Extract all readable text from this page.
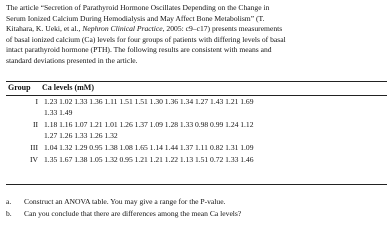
The article “Secretion of Parathyroid Hormone Oscillates Depending on the Change in
Serum Ionized Calcium During Hemodialysis and May Affect Bone Metabolism” (T.
Kitahara, K. Ueki, et al., Nephron Clinical Practice, 2005: c9–c17) presents measurements
of basal ionized calcium (Ca) levels for four groups of patients with differing levels of basal
intact parathyroid hormone (PTH). The following results are consistent with means and
standard deviations presented in the article.
Group Ca levels (mM)
I 1.23 1.02 1.33 1.36 1.11 1.51 1.51 1.30 1.36 1.34 1.27 1.43 1.21 1.69
1.33 1.49
II 1.18 1.16 1.07 1.21 1.01 1.26 1.37 1.09 1.28 1.33 0.98 0.99 1.24 1.12
1.27 1.26 1.33 1.26 1.32
III 1.04 1.32 1.29 0.95 1.38 1.08 1.65 1.14 1.44 1.37 1.11 0.82 1.31 1.09
IV 1.35 1.67 1.38 1.05 1.32 0.95 1.21 1.21 1.22 1.13 1.51 0.72 1.33 1.46
a. Construct an ANOVA table. You may give a range for the P-value.
b. Can you conclude that there are differences among the mean Ca levels?
